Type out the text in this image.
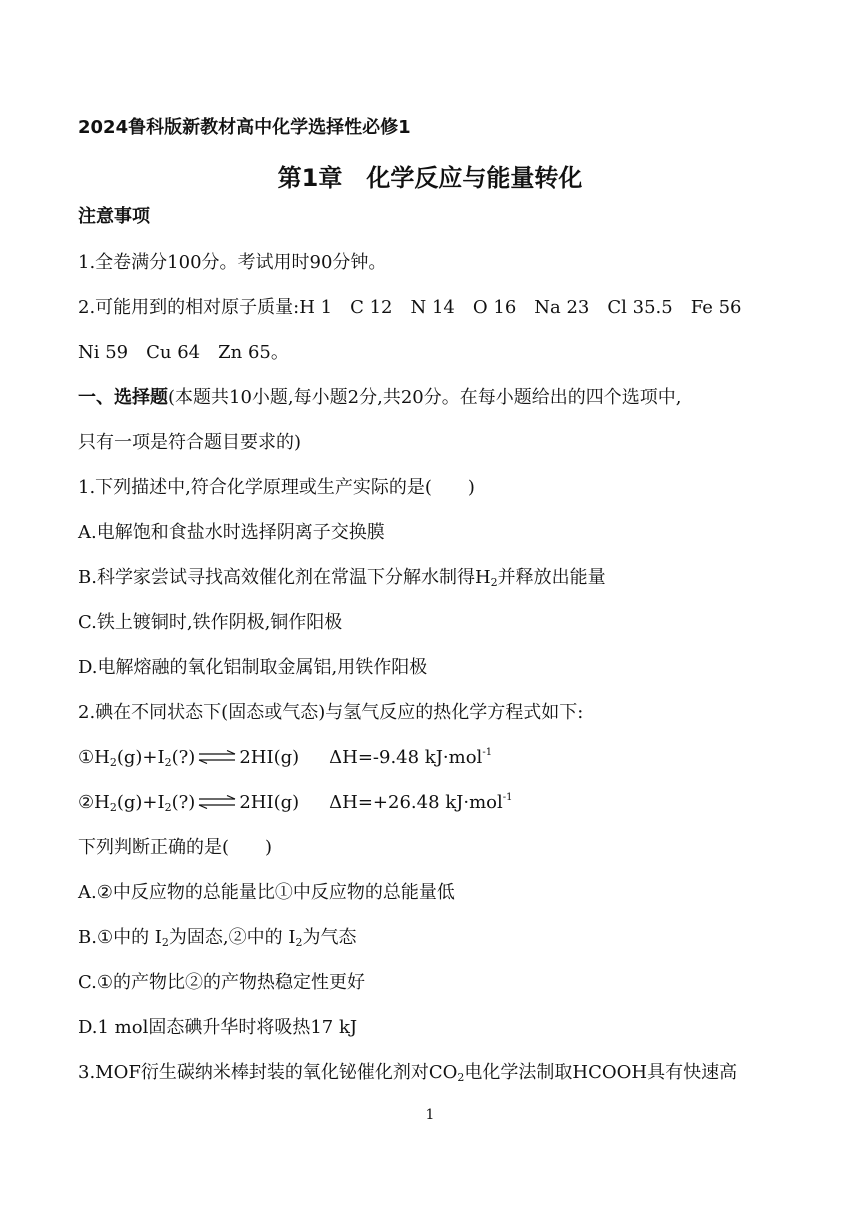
2024鲁科版新教材高中化学选择性必修1
第1章　化学反应与能量转化
注意事项
1.全卷满分100分。考试用时90分钟。
2.可能用到的相对原子质量:H 1　C 12　N 14　O 16　Na 23　Cl 35.5　Fe 56
Ni 59　Cu 64　Zn 65。
一、选择题(本题共10小题,每小题2分,共20分。在每小题给出的四个选项中,
只有一项是符合题目要求的)
1.下列描述中,符合化学原理或生产实际的是(　　)
A.电解饱和食盐水时选择阴离子交换膜
B.科学家尝试寻找高效催化剂在常温下分解水制得$H_2$并释放出能量
C.铁上镀铜时,铁作阴极,铜作阳极
D.电解熔融的氧化铝制取金属铝,用铁作阳极
2.碘在不同状态下(固态或气态)与氢气反应的热化学方程式如下:
$①H_2(g)+I_2(?)$ ⇌ 2HI(g) ΔH=-9.48 kJ·mol$^{-1}$
$②H_2(g)+I_2(?)$ ⇌ 2HI(g) ΔH=+26.48 kJ·mol$^{-1}$
下列判断正确的是(　　)
A.②中反应物的总能量比①中反应物的总能量低
B.①中的 $I_2$为固态,②中的 $I_2$为气态
C.①的产物比②的产物热稳定性更好
D.1 mol固态碘升华时将吸热17 kJ
3.MOF衍生碳纳米棒封装的氧化铋催化剂对$CO_2$电化学法制取HCOOH具有快速高
1
